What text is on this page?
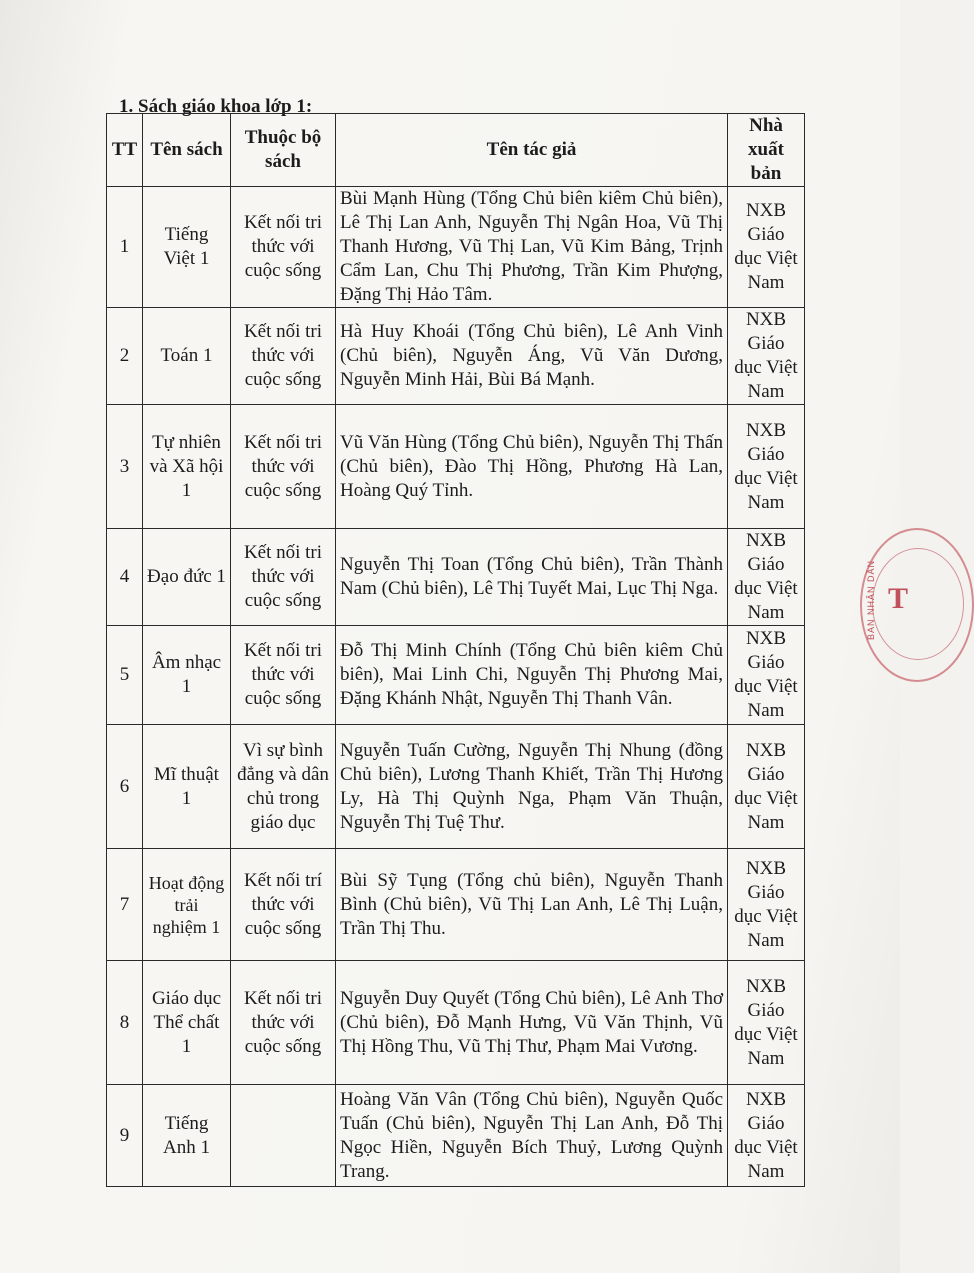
1. Sách giáo khoa lớp 1:
TT	Tên sách	Thuộc bộ sách	Tên tác giả	Nhà xuất bản
1	Tiếng Việt 1	Kết nối tri thức với cuộc sống	Bùi Mạnh Hùng (Tổng Chủ biên kiêm Chủ biên), Lê Thị Lan Anh, Nguyễn Thị Ngân Hoa, Vũ Thị Thanh Hương, Vũ Thị Lan, Vũ Kim Bảng, Trịnh Cẩm Lan, Chu Thị Phương, Trần Kim Phượng, Đặng Thị Hảo Tâm.	NXB Giáo dục Việt Nam
2	Toán 1	Kết nối tri thức với cuộc sống	Hà Huy Khoái (Tổng Chủ biên), Lê Anh Vinh (Chủ biên), Nguyễn Áng, Vũ Văn Dương, Nguyễn Minh Hải, Bùi Bá Mạnh.	NXB Giáo dục Việt Nam
3	Tự nhiên và Xã hội 1	Kết nối tri thức với cuộc sống	Vũ Văn Hùng (Tổng Chủ biên), Nguyễn Thị Thấn (Chủ biên), Đào Thị Hồng, Phương Hà Lan, Hoàng Quý Tỉnh.	NXB Giáo dục Việt Nam
4	Đạo đức 1	Kết nối tri thức với cuộc sống	Nguyễn Thị Toan (Tổng Chủ biên), Trần Thành Nam (Chủ biên), Lê Thị Tuyết Mai, Lục Thị Nga.	NXB Giáo dục Việt Nam
5	Âm nhạc 1	Kết nối tri thức với cuộc sống	Đỗ Thị Minh Chính (Tổng Chủ biên kiêm Chủ biên), Mai Linh Chi, Nguyễn Thị Phương Mai, Đặng Khánh Nhật, Nguyễn Thị Thanh Vân.	NXB Giáo dục Việt Nam
6	Mĩ thuật 1	Vì sự bình đẳng và dân chủ trong giáo dục	Nguyễn Tuấn Cường, Nguyễn Thị Nhung (đồng Chủ biên), Lương Thanh Khiết, Trần Thị Hương Ly, Hà Thị Quỳnh Nga, Phạm Văn Thuận, Nguyễn Thị Tuệ Thư.	NXB Giáo dục Việt Nam
7	Hoạt động trải nghiệm 1	Kết nối trí thức với cuộc sống	Bùi Sỹ Tụng (Tổng chủ biên), Nguyễn Thanh Bình (Chủ biên), Vũ Thị Lan Anh, Lê Thị Luận, Trần Thị Thu.	NXB Giáo dục Việt Nam
8	Giáo dục Thể chất 1	Kết nối tri thức với cuộc sống	Nguyễn Duy Quyết (Tổng Chủ biên), Lê Anh Thơ (Chủ biên), Đỗ Mạnh Hưng, Vũ Văn Thịnh, Vũ Thị Hồng Thu, Vũ Thị Thư, Phạm Mai Vương.	NXB Giáo dục Việt Nam
9	Tiếng Anh 1		Hoàng Văn Vân (Tổng Chủ biên), Nguyễn Quốc Tuấn (Chủ biên), Nguyễn Thị Lan Anh, Đỗ Thị Ngọc Hiền, Nguyễn Bích Thuỷ, Lương Quỳnh Trang.	NXB Giáo dục Việt Nam
BAN NHÂN DÂN T
